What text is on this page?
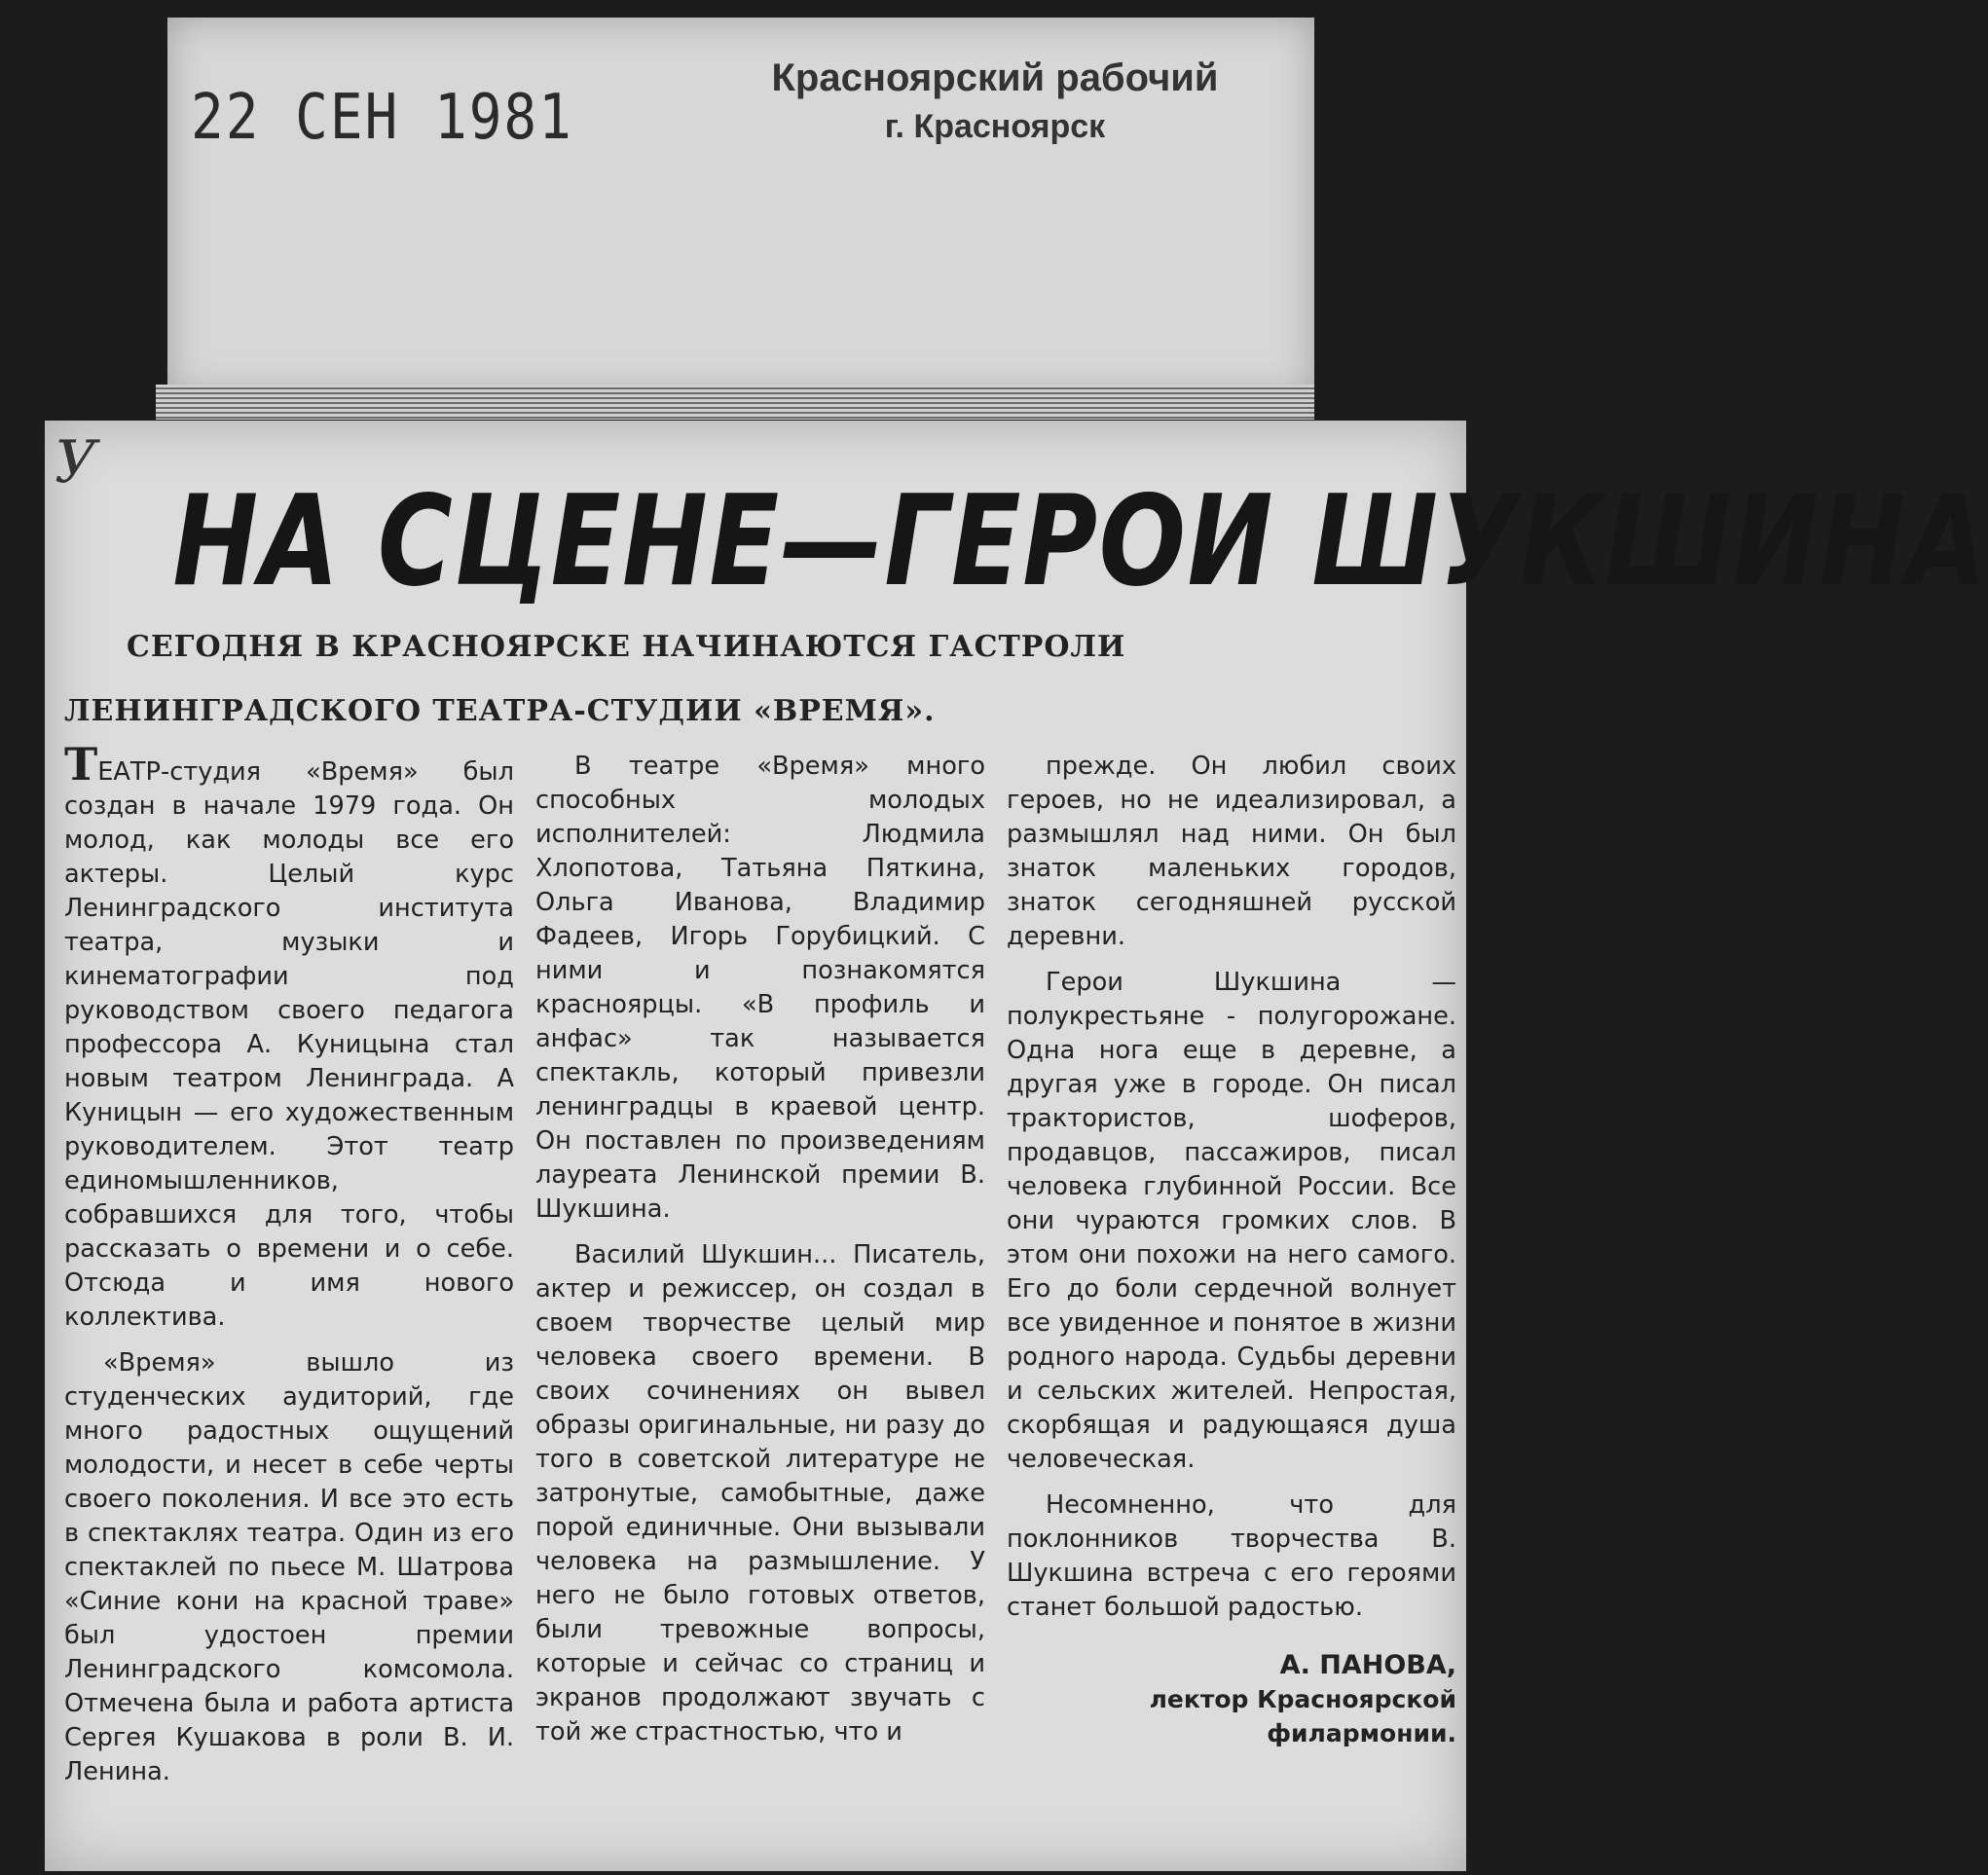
22 СЕН 1981
Красноярский рабочий
г. Красноярск
У
НА СЦЕНЕ—ГЕРОИ ШУКШИНА
СЕГОДНЯ В КРАСНОЯРСКЕ НАЧИНАЮТСЯ ГАСТРОЛИ ЛЕНИНГРАДСКОГО ТЕАТРА-СТУДИИ «ВРЕМЯ».

ТЕАТР-студия «Время» был создан в начале 1979 года. Он молод, как молоды все его актеры. Целый курс Ленинградского института театра, музыки и кинематографии под руководством своего педагога профессора А. Куницына стал новым театром Ленинграда. А Куницын — его художественным руководителем. Этот театр единомышленников, собравшихся для того, чтобы рассказать о времени и о себе. Отсюда и имя нового коллектива.

«Время» вышло из студенческих аудиторий, где много радостных ощущений молодости, и несет в себе черты своего поколения. И все это есть в спектаклях театра. Один из его спектаклей по пьесе М. Шатрова «Синие кони на красной траве» был удостоен премии Ленинградского комсомола. Отмечена была и работа артиста Сергея Кушакова в роли В. И. Ленина.

В театре «Время» много способных молодых исполнителей: Людмила Хлопотова, Татьяна Пяткина, Ольга Иванова, Владимир Фадеев, Игорь Горубицкий. С ними и познакомятся красноярцы. «В профиль и анфас» так называется спектакль, который привезли ленинградцы в краевой центр. Он поставлен по произведениям лауреата Ленинской премии В. Шукшина.

Василий Шукшин... Писатель, актер и режиссер, он создал в своем творчестве целый мир человека своего времени. В своих сочинениях он вывел образы оригинальные, ни разу до того в советской литературе не затронутые, самобытные, даже порой единичные. Они вызывали человека на размышление. У него не было готовых ответов, были тревожные вопросы, которые и сейчас со страниц и экранов продолжают звучать с той же страстностью, что и

прежде. Он любил своих героев, но не идеализировал, а размышлял над ними. Он был знаток маленьких городов, знаток сегодняшней русской деревни.

Герои Шукшина — полукрестьяне - полугорожане. Одна нога еще в деревне, а другая уже в городе. Он писал трактористов, шоферов, продавцов, пассажиров, писал человека глубинной России. Все они чураются громких слов. В этом они похожи на него самого. Его до боли сердечной волнует все увиденное и понятое в жизни родного народа. Судьбы деревни и сельских жителей. Непростая, скорбящая и радующаяся душа человеческая.

Несомненно, что для поклонников творчества В. Шукшина встреча с его героями станет большой радостью.

А. ПАНОВА,
лектор Красноярской филармонии.
